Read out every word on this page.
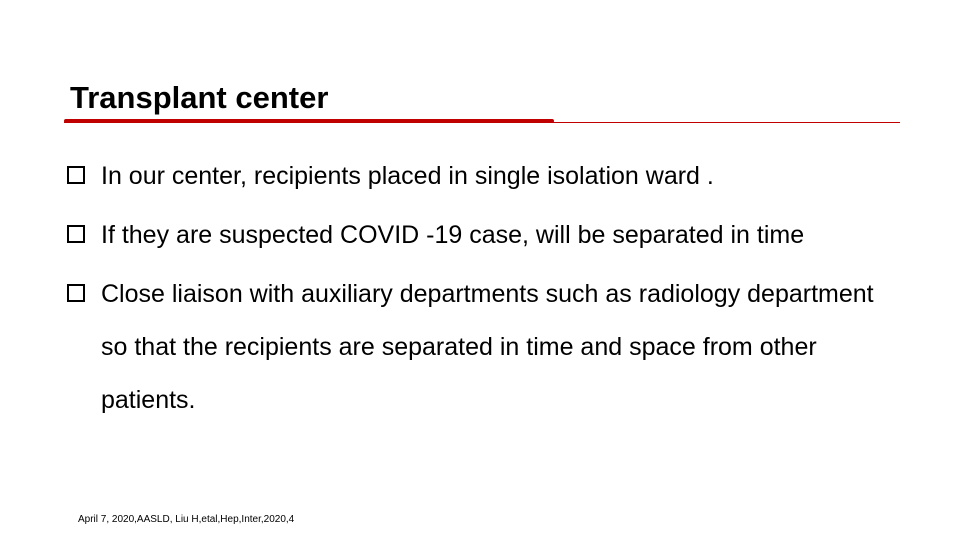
Transplant center
In our center, recipients placed in single isolation ward .
If they are suspected COVID -19 case, will be separated in time
Close liaison with auxiliary departments such as radiology department so that the recipients are separated in time and space from other patients.
April 7, 2020,AASLD, Liu H,etal,Hep,Inter,2020,4
